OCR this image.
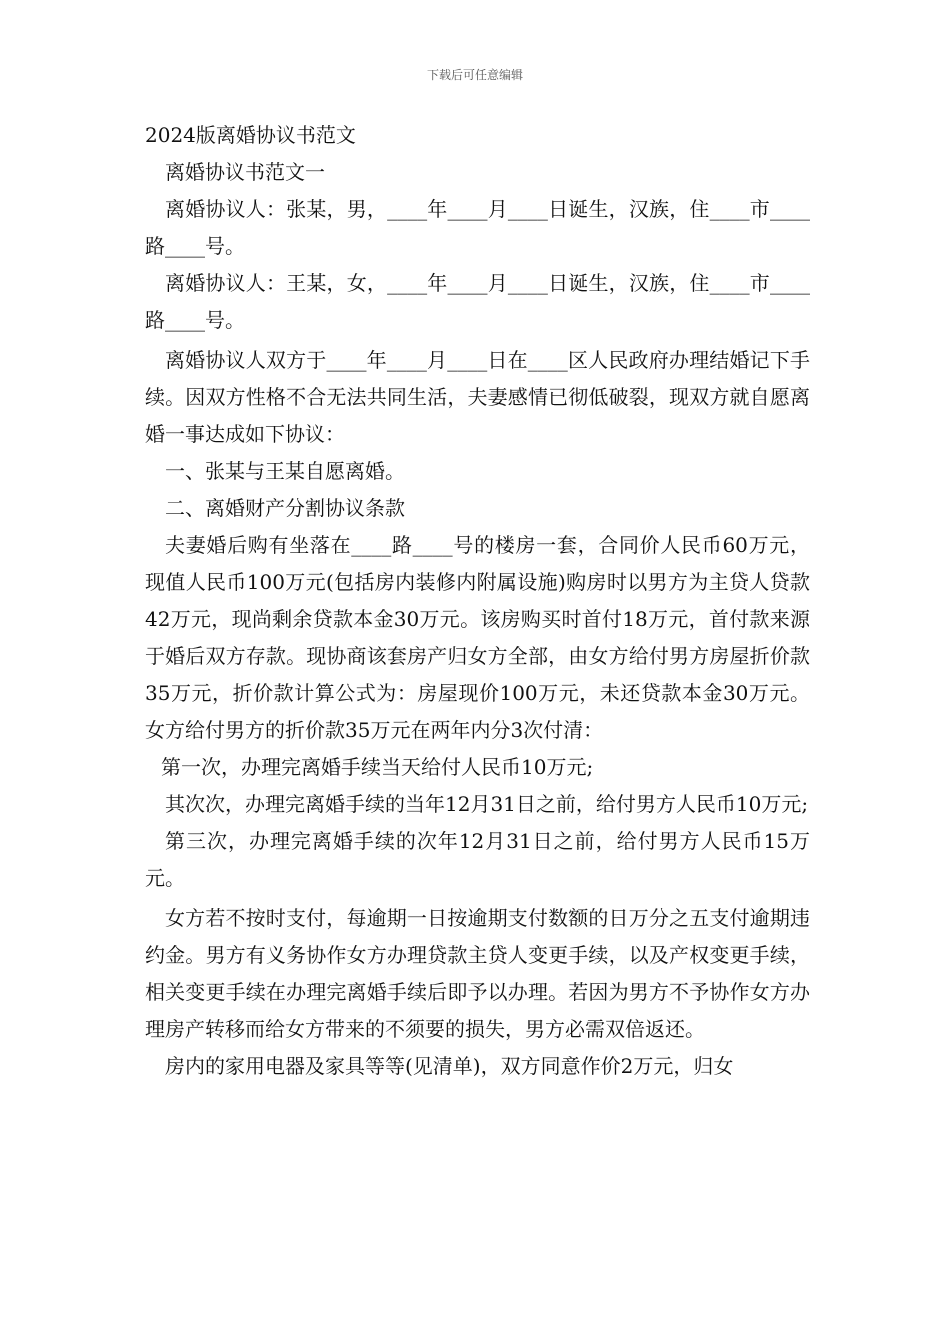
下载后可任意编辑

2024版离婚协议书范文

离婚协议书范文一

离婚协议人：张某，男，____年____月____日诞生，汉族，住____市____路____号。

离婚协议人：王某，女，____年____月____日诞生，汉族，住____市____路____号。

离婚协议人双方于____年____月____日在____区人民政府办理结婚记下手续。因双方性格不合无法共同生活，夫妻感情已彻低破裂，现双方就自愿离婚一事达成如下协议：

一、张某与王某自愿离婚。

二、离婚财产分割协议条款

夫妻婚后购有坐落在____路____号的楼房一套，合同价人民币60万元，现值人民币100万元(包括房内装修内附属设施)购房时以男方为主贷人贷款42万元，现尚剩余贷款本金30万元。该房购买时首付18万元，首付款来源于婚后双方存款。现协商该套房产归女方全部，由女方给付男方房屋折价款35万元，折价款计算公式为：房屋现价100万元，未还贷款本金30万元。女方给付男方的折价款35万元在两年内分3次付清：

第一次，办理完离婚手续当天给付人民币10万元;

其次次，办理完离婚手续的当年12月31日之前，给付男方人民币10万元;

第三次，办理完离婚手续的次年12月31日之前，给付男方人民币15万元。

女方若不按时支付，每逾期一日按逾期支付数额的日万分之五支付逾期违约金。男方有义务协作女方办理贷款主贷人变更手续，以及产权变更手续，相关变更手续在办理完离婚手续后即予以办理。若因为男方不予协作女方办理房产转移而给女方带来的不须要的损失，男方必需双倍返还。

房内的家用电器及家具等等(见清单)，双方同意作价2万元，归女
